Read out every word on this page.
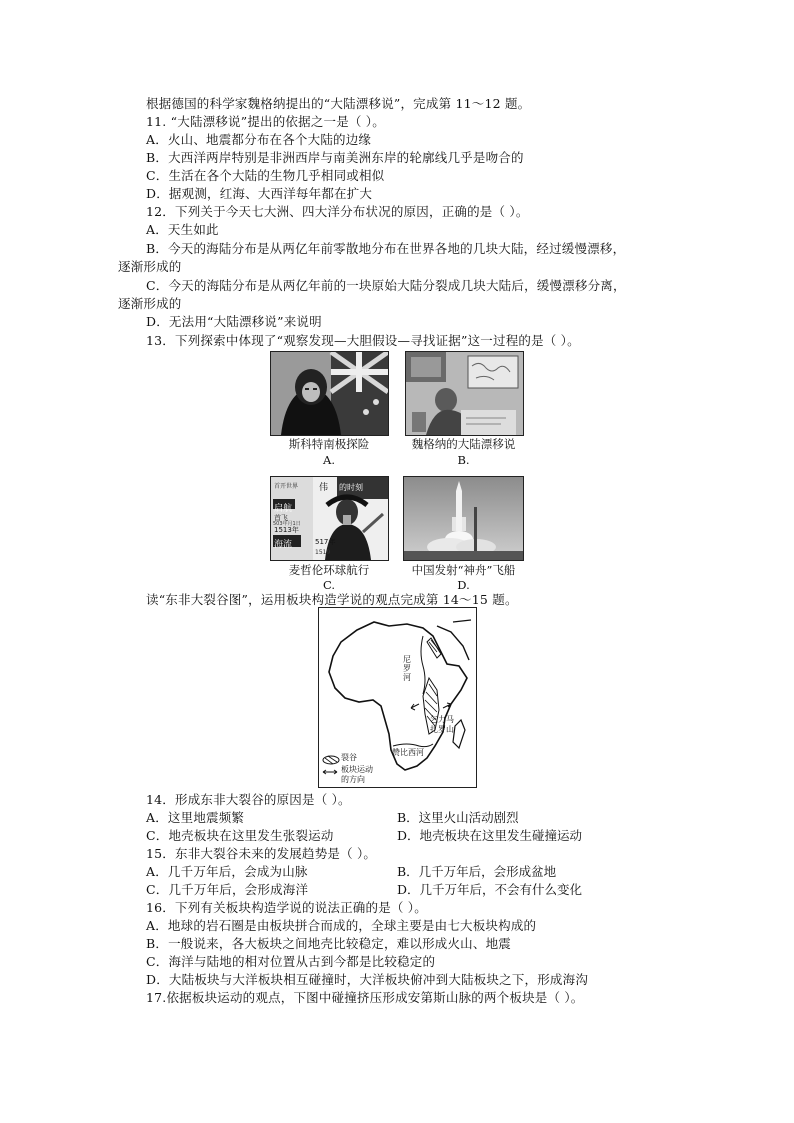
根据德国的科学家魏格纳提出的“大陆漂移说”，完成第 11～12 题。
11. “大陆漂移说”提出的依据之一是（ ）。
A．火山、地震都分布在各个大陆的边缘
B．大西洋两岸特别是非洲西岸与南美洲东岸的轮廓线几乎是吻合的
C．生活在各个大陆的生物几乎相同或相似
D．据观测，红海、大西洋每年都在扩大
12．下列关于今天七大洲、四大洋分布状况的原因，正确的是（ ）。
A．天生如此
B．今天的海陆分布是从两亿年前零散地分布在世界各地的几块大陆，经过缓慢漂移，
逐渐形成的
C．今天的海陆分布是从两亿年前的一块原始大陆分裂成几块大陆后，缓慢漂移分离，
逐渐形成的
D．无法用“大陆漂移说”来说明
13．下列探索中体现了“观察发现—大胆假设—寻找证据”这一过程的是（ ）。
斯科特南极探险
A.
魏格纳的大陆漂移说
B.
启航
1513年
海流	517年
伟 的时刻
首开世界
首飞
503年月1日
1519
麦哲伦环球航行
C.
中国发射“神舟”飞船
D.
读“东非大裂谷图”，运用板块构造学说的观点完成第 14～15 题。
尼
罗
河
乞力马
扎罗山
赞比西河
裂谷
板块运动
的方向
14．形成东非大裂谷的原因是（ ）。
A．这里地震频繁	B．这里火山活动剧烈
C．地壳板块在这里发生张裂运动	D．地壳板块在这里发生碰撞运动
15．东非大裂谷未来的发展趋势是（ ）。
A．几千万年后，会成为山脉	B．几千万年后，会形成盆地
C．几千万年后，会形成海洋	D．几千万年后，不会有什么变化
16．下列有关板块构造学说的说法正确的是（ ）。
A．地球的岩石圈是由板块拼合而成的，全球主要是由七大板块构成的
B．一般说来，各大板块之间地壳比较稳定，难以形成火山、地震
C．海洋与陆地的相对位置从古到今都是比较稳定的
D．大陆板块与大洋板块相互碰撞时，大洋板块俯冲到大陆板块之下，形成海沟
17.依据板块运动的观点，下图中碰撞挤压形成安第斯山脉的两个板块是（ ）。
